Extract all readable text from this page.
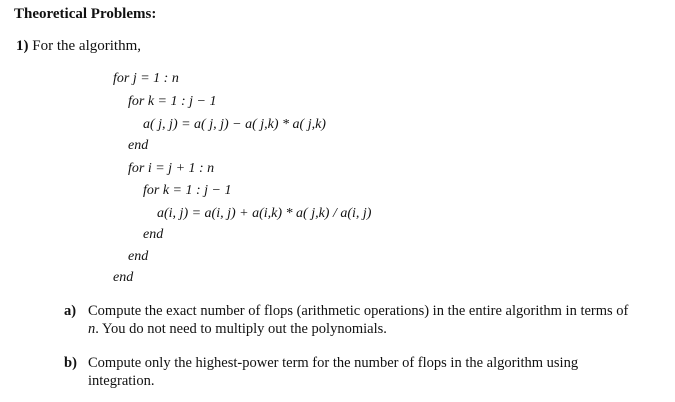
Theoretical Problems:
1) For the algorithm,
for j = 1 : n
for k = 1 : j − 1
a( j, j) = a( j, j) − a( j,k) * a( j,k)
end
for i = j + 1 : n
for k = 1 : j − 1
a(i, j) = a(i, j) + a(i,k) * a( j,k) / a(i, j)
end
end
end
a) Compute the exact number of flops (arithmetic operations) in the entire algorithm in terms of
n. You do not need to multiply out the polynomials.
b) Compute only the highest-power term for the number of flops in the algorithm using
integration.
